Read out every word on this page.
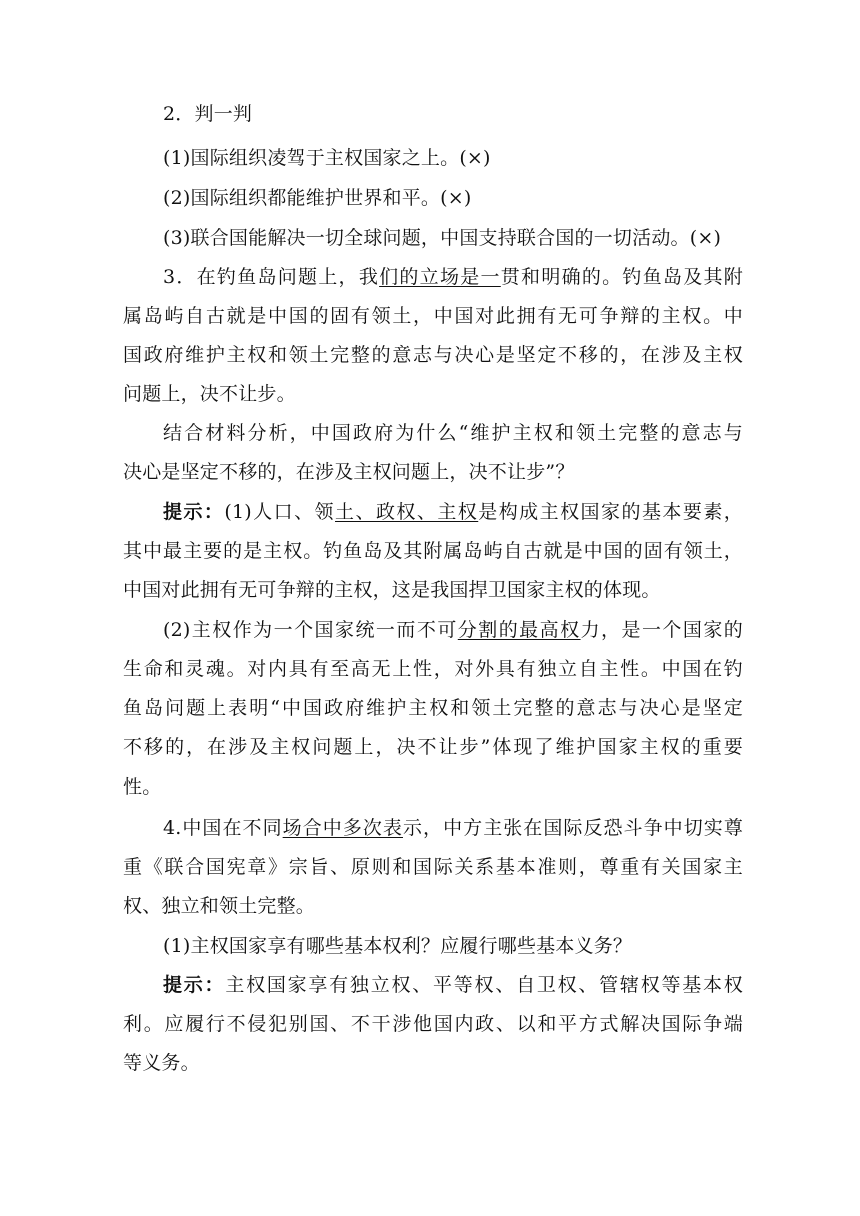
2．判一判
(1)国际组织凌驾于主权国家之上。(×)
(2)国际组织都能维护世界和平。(×)
(3)联合国能解决一切全球问题，中国支持联合国的一切活动。(×)
3．在钓鱼岛问题上，我们的立场是一贯和明确的。钓鱼岛及其附
属岛屿自古就是中国的固有领土，中国对此拥有无可争辩的主权。中
国政府维护主权和领土完整的意志与决心是坚定不移的，在涉及主权
问题上，决不让步。
结合材料分析，中国政府为什么“维护主权和领土完整的意志与
决心是坚定不移的，在涉及主权问题上，决不让步”？
提示：(1)人口、领土、政权、主权是构成主权国家的基本要素，
其中最主要的是主权。钓鱼岛及其附属岛屿自古就是中国的固有领土，
中国对此拥有无可争辩的主权，这是我国捍卫国家主权的体现。
(2)主权作为一个国家统一而不可分割的最高权力，是一个国家的
生命和灵魂。对内具有至高无上性，对外具有独立自主性。中国在钓
鱼岛问题上表明“中国政府维护主权和领土完整的意志与决心是坚定
不移的，在涉及主权问题上，决不让步”体现了维护国家主权的重要
性。
4.中国在不同场合中多次表示，中方主张在国际反恐斗争中切实尊
重《联合国宪章》宗旨、原则和国际关系基本准则，尊重有关国家主
权、独立和领土完整。
(1)主权国家享有哪些基本权利？应履行哪些基本义务？
提示：主权国家享有独立权、平等权、自卫权、管辖权等基本权
利。应履行不侵犯别国、不干涉他国内政、以和平方式解决国际争端
等义务。
